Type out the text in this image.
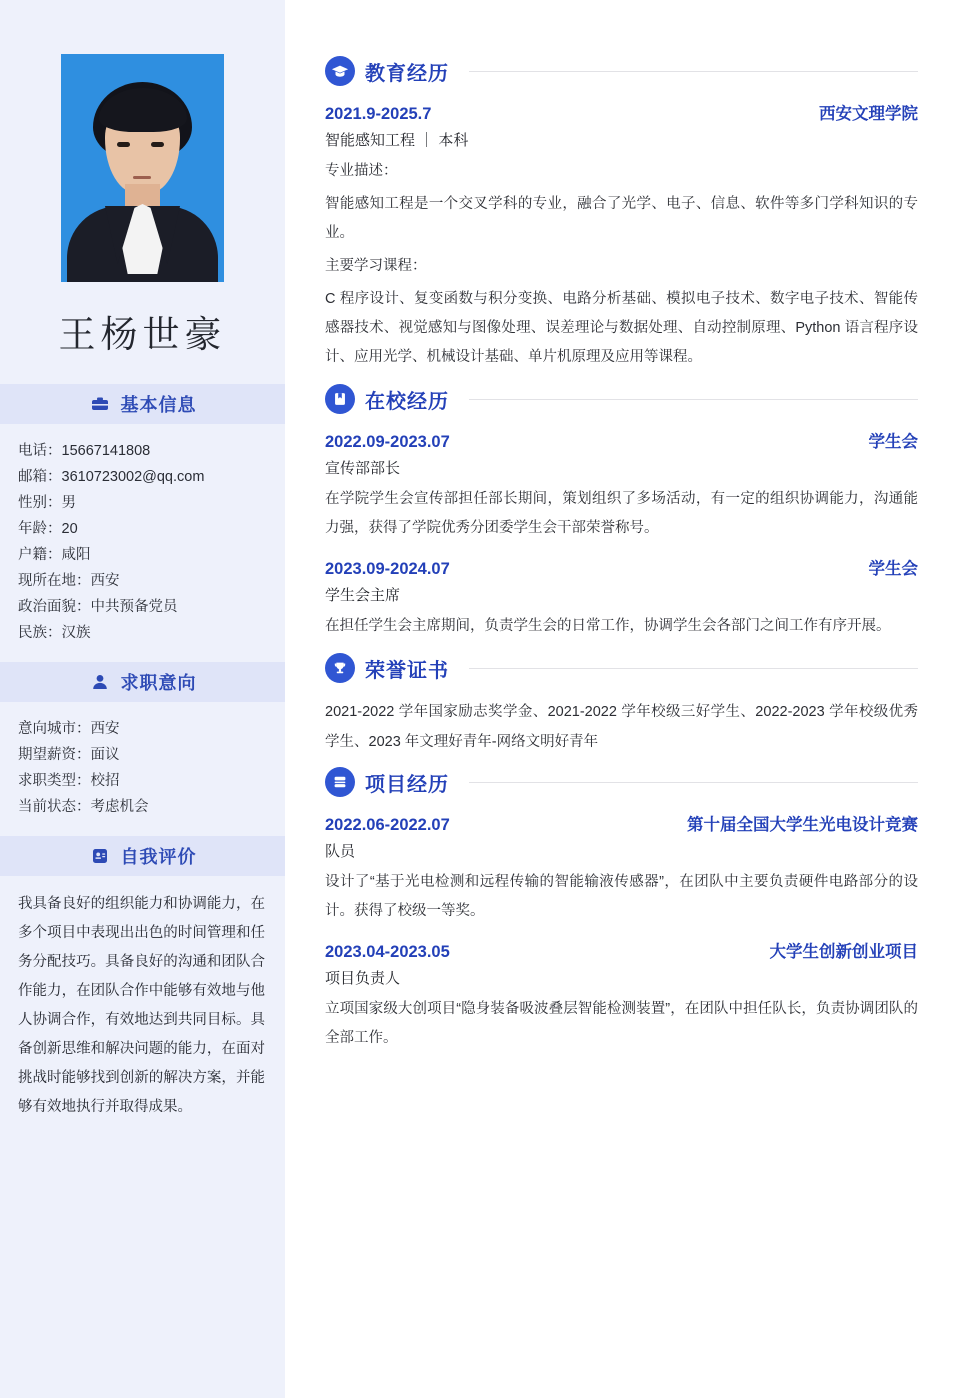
王杨世豪
基本信息
电话：15667141808
邮箱：3610723002@qq.com
性别：男
年龄：20
户籍：咸阳
现所在地：西安
政治面貌：中共预备党员
民族：汉族
求职意向
意向城市：西安
期望薪资：面议
求职类型：校招
当前状态：考虑机会
自我评价
我具备良好的组织能力和协调能力，在多个项目中表现出出色的时间管理和任务分配技巧。具备良好的沟通和团队合作能力，在团队合作中能够有效地与他人协调合作，有效地达到共同目标。具备创新思维和解决问题的能力，在面对挑战时能够找到创新的解决方案，并能够有效地执行并取得成果。
教育经历
2021.9-2025.7	西安文理学院
智能感知工程 ｜ 本科
专业描述：
智能感知工程是一个交叉学科的专业，融合了光学、电子、信息、软件等多门学科知识的专业。
主要学习课程：
C 程序设计、复变函数与积分变换、电路分析基础、模拟电子技术、数字电子技术、智能传感器技术、视觉感知与图像处理、误差理论与数据处理、自动控制原理、Python 语言程序设计、应用光学、机械设计基础、单片机原理及应用等课程。
在校经历
2022.09-2023.07	学生会
宣传部部长
在学院学生会宣传部担任部长期间，策划组织了多场活动，有一定的组织协调能力，沟通能力强，获得了学院优秀分团委学生会干部荣誉称号。
2023.09-2024.07	学生会
学生会主席
在担任学生会主席期间，负责学生会的日常工作，协调学生会各部门之间工作有序开展。
荣誉证书
2021-2022 学年国家励志奖学金、2021-2022 学年校级三好学生、2022-2023 学年校级优秀学生、2023 年文理好青年-网络文明好青年
项目经历
2022.06-2022.07	第十届全国大学生光电设计竞赛
队员
设计了“基于光电检测和远程传输的智能输液传感器”，在团队中主要负责硬件电路部分的设计。获得了校级一等奖。
2023.04-2023.05	大学生创新创业项目
项目负责人
立项国家级大创项目“隐身装备吸波叠层智能检测装置”，在团队中担任队长，负责协调团队的全部工作。
